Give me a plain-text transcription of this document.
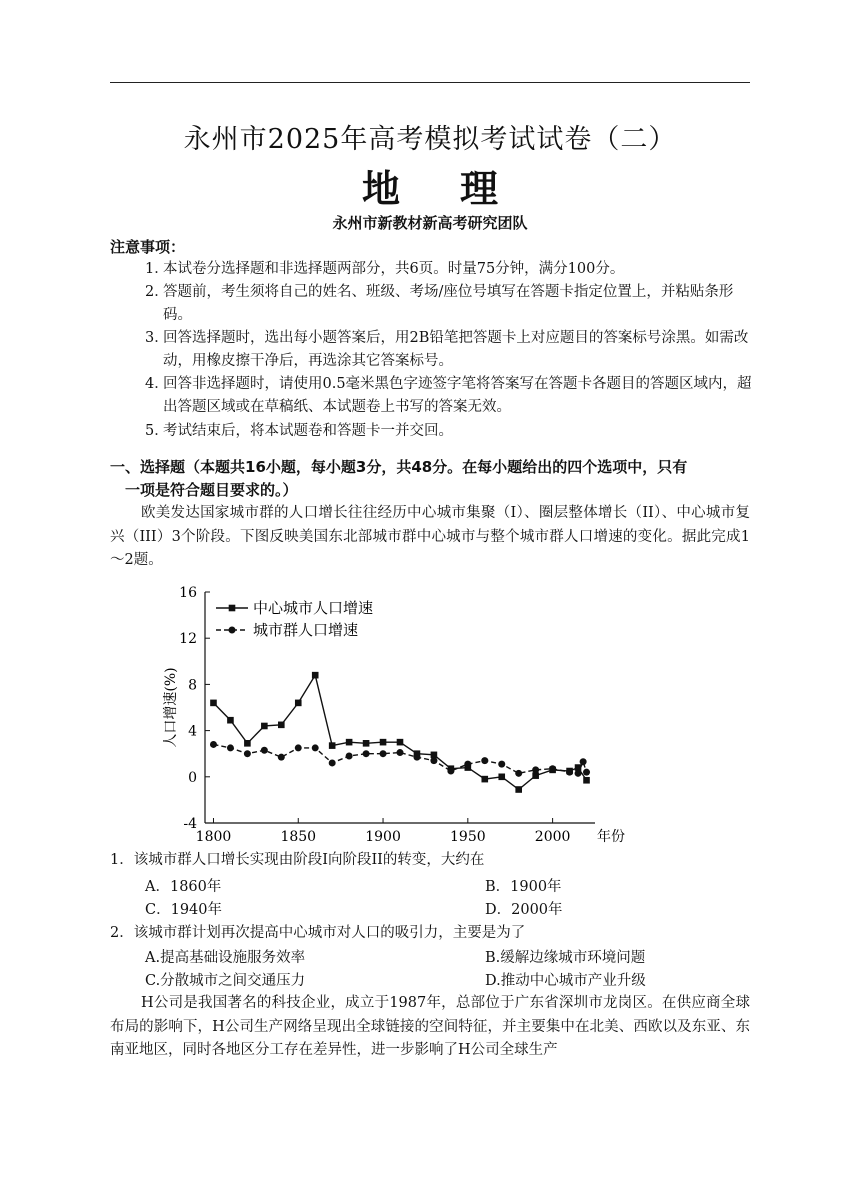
永州市2025年高考模拟考试试卷（二）
地理
永州市新教材新高考研究团队
注意事项：
1．
本试卷分选择题和非选择题两部分，共6页。时量75分钟，满分100分。
2．
答题前，考生须将自己的姓名、班级、考场/座位号填写在答题卡指定位置上，并粘贴条形码。
3．
回答选择题时，选出每小题答案后，用2B铅笔把答题卡上对应题目的答案标号涂黑。如需改动，用橡皮擦干净后，再选涂其它答案标号。
4．
回答非选择题时，请使用0.5毫米黑色字迹签字笔将答案写在答题卡各题目的答题区域内，超出答题区域或在草稿纸、本试题卷上书写的答案无效。
5．
考试结束后，将本试题卷和答题卡一并交回。
一、选择题（本题共16小题，每小题3分，共48分。在每小题给出的四个选项中，只有
一项是符合题目要求的。）
欧美发达国家城市群的人口增长往往经历中心城市集聚（I）、圈层整体增长（II）、中心城市复兴（III）3个阶段。下图反映美国东北部城市群中心城市与整个城市群人口增速的变化。据此完成1～2题。
-4
0
4
8
12
16
1800	1850	1900	1950	2000 年份
人口增速(%)
中心城市人口增速
城市群人口增速
1．该城市群人口增长实现由阶段I向阶段II的转变，大约在
A．1860年	B．1900年
C．1940年	D．2000年
2．该城市群计划再次提高中心城市对人口的吸引力，主要是为了
A.提高基础设施服务效率	B.缓解边缘城市环境问题
C.分散城市之间交通压力	D.推动中心城市产业升级
H公司是我国著名的科技企业，成立于1987年，总部位于广东省深圳市龙岗区。在供应商全球布局的影响下，H公司生产网络呈现出全球链接的空间特征，并主要集中在北美、西欧以及东亚、东南亚地区，同时各地区分工存在差异性，进一步影响了H公司全球生产
